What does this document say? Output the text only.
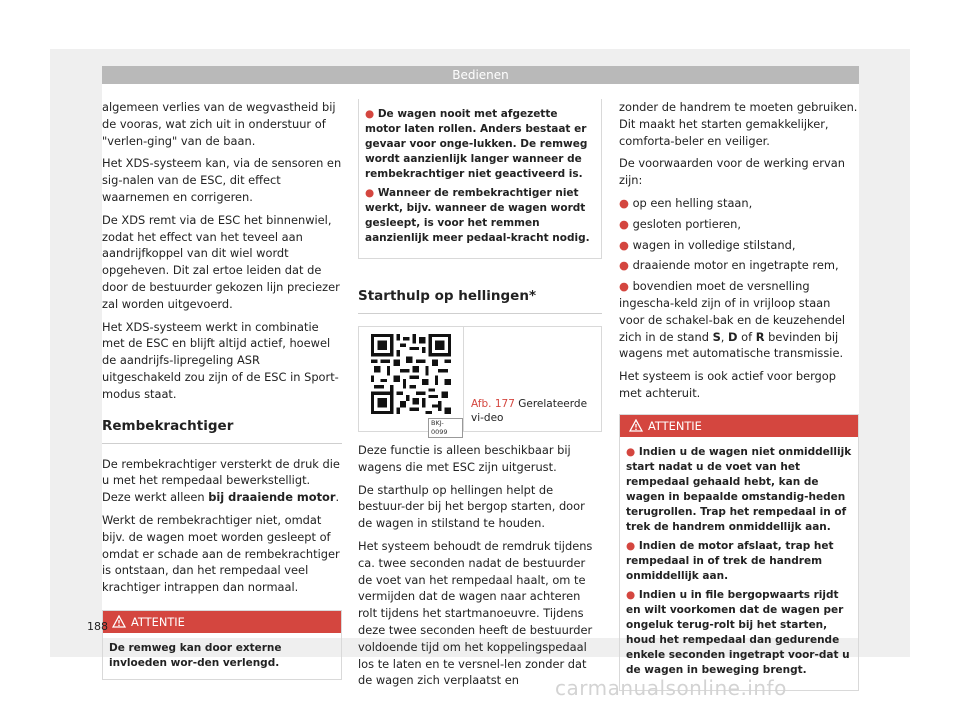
Bedienen

algemeen verlies van de wegvastheid bij de vooras, wat zich uit in onderstuur of "verlen-ging" van de baan.

Het XDS-systeem kan, via de sensoren en sig-nalen van de ESC, dit effect waarnemen en corrigeren.

De XDS remt via de ESC het binnenwiel, zodat het effect van het teveel aan aandrijfkoppel van dit wiel wordt opgeheven. Dit zal ertoe leiden dat de door de bestuurder gekozen lijn preciezer zal worden uitgevoerd.

Het XDS-systeem werkt in combinatie met de ESC en blijft altijd actief, hoewel de aandrijfs-lipregeling ASR uitgeschakeld zou zijn of de ESC in Sport-modus staat.

Rembekrachtiger

De rembekrachtiger versterkt de druk die u met het rempedaal bewerkstelligt. Deze werkt alleen bij draaiende motor.

Werkt de rembekrachtiger niet, omdat bijv. de wagen moet worden gesleept of omdat er schade aan de rembekrachtiger is ontstaan, dan het rempedaal veel krachtiger intrappen dan normaal.

ATTENTIE
De remweg kan door externe invloeden wor-den verlengd.
● De wagen nooit met afgezette motor laten rollen. Anders bestaat er gevaar voor onge-lukken. De remweg wordt aanzienlijk langer wanneer de rembekrachtiger niet geactiveerd is.
● Wanneer de rembekrachtiger niet werkt, bijv. wanneer de wagen wordt gesleept, is voor het remmen aanzienlijk meer pedaal-kracht nodig.
Starthulp op hellingen*
BKJ-0099
Afb. 177 Gerelateerde vi-deo

Deze functie is alleen beschikbaar bij wagens die met ESC zijn uitgerust.

De starthulp op hellingen helpt de bestuur-der bij het bergop starten, door de wagen in stilstand te houden.

Het systeem behoudt de remdruk tijdens ca. twee seconden nadat de bestuurder de voet van het rempedaal haalt, om te vermijden dat de wagen naar achteren rolt tijdens het startmanoeuvre. Tijdens deze twee seconden heeft de bestuurder voldoende tijd om het koppelingspedaal los te laten en te versnel-len zonder dat de wagen zich verplaatst en

zonder de handrem te moeten gebruiken. Dit maakt het starten gemakkelijker, comforta-beler en veiliger.

De voorwaarden voor de werking ervan zijn:

● op een helling staan,
● gesloten portieren,
● wagen in volledige stilstand,
● draaiende motor en ingetrapte rem,
● bovendien moet de versnelling ingescha-keld zijn of in vrijloop staan voor de schakel-bak en de keuzehendel zich in de stand S, D of R bevinden bij wagens met automatische transmissie.

Het systeem is ook actief voor bergop met achteruit.

ATTENTIE
● Indien u de wagen niet onmiddellijk start nadat u de voet van het rempedaal gehaald hebt, kan de wagen in bepaalde omstandig-heden terugrollen. Trap het rempedaal in of trek de handrem onmiddellijk aan.
● Indien de motor afslaat, trap het rempedaal in of trek de handrem onmiddellijk aan.
● Indien u in file bergopwaarts rijdt en wilt voorkomen dat de wagen per ongeluk terug-rolt bij het starten, houd het rempedaal dan gedurende enkele seconden ingetrapt voor-dat u de wagen in beweging brengt.
188
carmanualsonline.info
